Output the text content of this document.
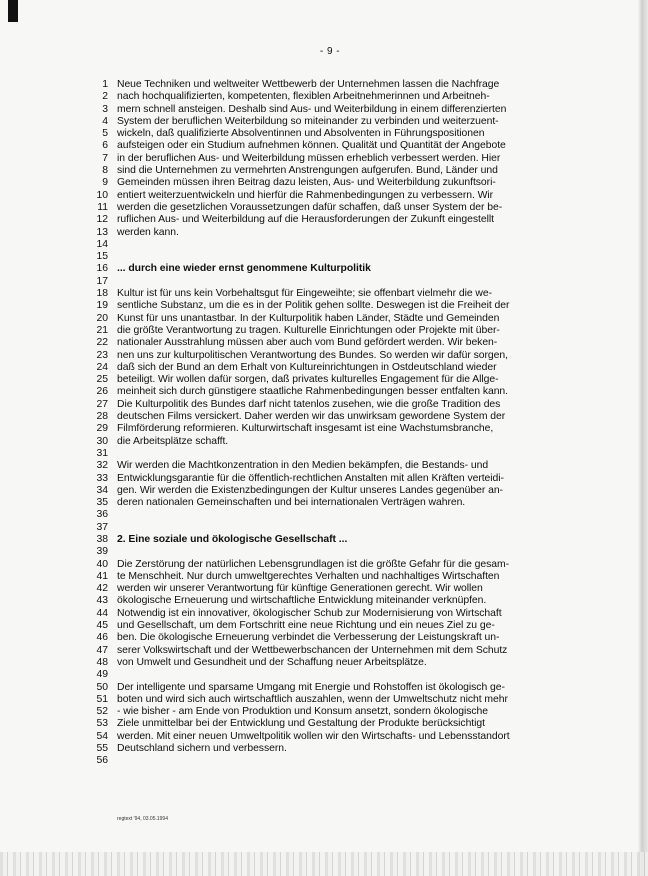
- 9 -
1 Neue Techniken und weltweiter Wettbewerb der Unternehmen lassen die Nachfrage
2 nach hochqualifizierten, kompetenten, flexiblen Arbeitnehmerinnen und Arbeitneh-
3 mern schnell ansteigen. Deshalb sind Aus- und Weiterbildung in einem differenzierten
4 System der beruflichen Weiterbildung so miteinander zu verbinden und weiterzuent-
5 wickeln, daß qualifizierte Absolventinnen und Absolventen in Führungspositionen
6 aufsteigen oder ein Studium aufnehmen können. Qualität und Quantität der Angebote
7 in der beruflichen Aus- und Weiterbildung müssen erheblich verbessert werden. Hier
8 sind die Unternehmen zu vermehrten Anstrengungen aufgerufen. Bund, Länder und
9 Gemeinden müssen ihren Beitrag dazu leisten, Aus- und Weiterbildung zukunftsori-
10 entiert weiterzuentwickeln und hierfür die Rahmenbedingungen zu verbessern. Wir
11 werden die gesetzlichen Voraussetzungen dafür schaffen, daß unser System der be-
12 ruflichen Aus- und Weiterbildung auf die Herausforderungen der Zukunft eingestellt
13 werden kann.
14
15
16 ... durch eine wieder ernst genommene Kulturpolitik
17
18 Kultur ist für uns kein Vorbehaltsgut für Eingeweihte; sie offenbart vielmehr die we-
19 sentliche Substanz, um die es in der Politik gehen sollte. Deswegen ist die Freiheit der
20 Kunst für uns unantastbar. In der Kulturpolitik haben Länder, Städte und Gemeinden
21 die größte Verantwortung zu tragen. Kulturelle Einrichtungen oder Projekte mit über-
22 nationaler Ausstrahlung müssen aber auch vom Bund gefördert werden. Wir beken-
23 nen uns zur kulturpolitischen Verantwortung des Bundes. So werden wir dafür sorgen,
24 daß sich der Bund an dem Erhalt von Kultureinrichtungen in Ostdeutschland wieder
25 beteiligt. Wir wollen dafür sorgen, daß privates kulturelles Engagement für die Allge-
26 meinheit sich durch günstigere staatliche Rahmenbedingungen besser entfalten kann.
27 Die Kulturpolitik des Bundes darf nicht tatenlos zusehen, wie die große Tradition des
28 deutschen Films versickert. Daher werden wir das unwirksam gewordene System der
29 Filmförderung reformieren. Kulturwirtschaft insgesamt ist eine Wachstumsbranche,
30 die Arbeitsplätze schafft.
31
32 Wir werden die Machtkonzentration in den Medien bekämpfen, die Bestands- und
33 Entwicklungsgarantie für die öffentlich-rechtlichen Anstalten mit allen Kräften verteidi-
34 gen. Wir werden die Existenzbedingungen der Kultur unseres Landes gegenüber an-
35 deren nationalen Gemeinschaften und bei internationalen Verträgen wahren.
36
37
38 2. Eine soziale und ökologische Gesellschaft ...
39
40 Die Zerstörung der natürlichen Lebensgrundlagen ist die größte Gefahr für die gesam-
41 te Menschheit. Nur durch umweltgerechtes Verhalten und nachhaltiges Wirtschaften
42 werden wir unserer Verantwortung für künftige Generationen gerecht. Wir wollen
43 ökologische Erneuerung und wirtschaftliche Entwicklung miteinander verknüpfen.
44 Notwendig ist ein innovativer, ökologischer Schub zur Modernisierung von Wirtschaft
45 und Gesellschaft, um dem Fortschritt eine neue Richtung und ein neues Ziel zu ge-
46 ben. Die ökologische Erneuerung verbindet die Verbesserung der Leistungskraft un-
47 serer Volkswirtschaft und der Wettbewerbschancen der Unternehmen mit dem Schutz
48 von Umwelt und Gesundheit und der Schaffung neuer Arbeitsplätze.
49
50 Der intelligente und sparsame Umgang mit Energie und Rohstoffen ist ökologisch ge-
51 boten und wird sich auch wirtschaftlich auszahlen, wenn der Umweltschutz nicht mehr
52 - wie bisher - am Ende von Produktion und Konsum ansetzt, sondern ökologische
53 Ziele unmittelbar bei der Entwicklung und Gestaltung der Produkte berücksichtigt
54 werden. Mit einer neuen Umweltpolitik wollen wir den Wirtschafts- und Lebensstandort
55 Deutschland sichern und verbessern.
56
regtext '94, 03.05.1994
